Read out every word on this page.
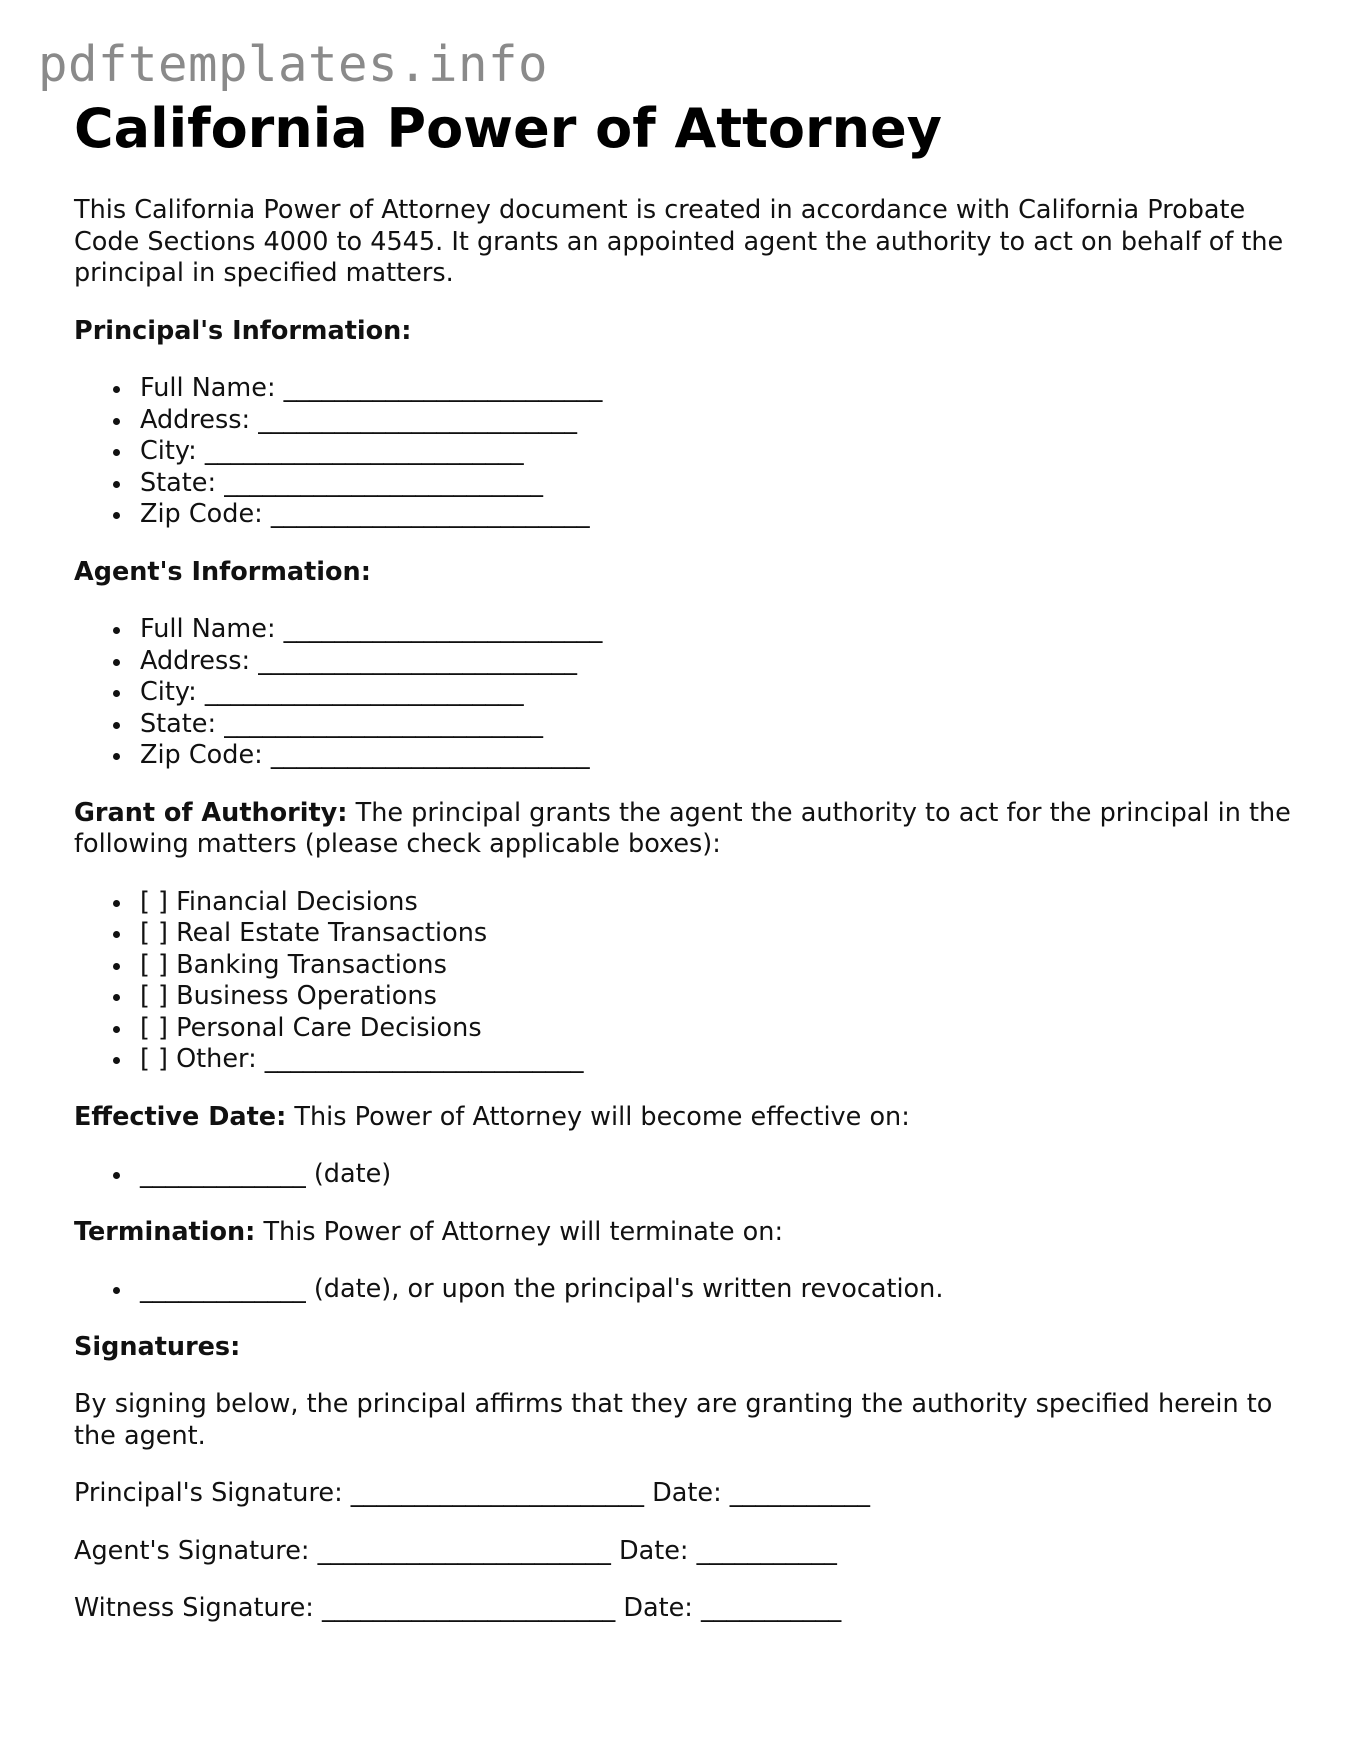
pdftemplates.info
California Power of Attorney

This California Power of Attorney document is created in accordance with California Probate Code Sections 4000 to 4545. It grants an appointed agent the authority to act on behalf of the principal in specified matters.

Principal's Information:

Full Name: _________________________
Address: _________________________
City: _________________________
State: _________________________
Zip Code: _________________________

Agent's Information:

Full Name: _________________________
Address: _________________________
City: _________________________
State: _________________________
Zip Code: _________________________

Grant of Authority: The principal grants the agent the authority to act for the principal in the following matters (please check applicable boxes):

[ ] Financial Decisions
[ ] Real Estate Transactions
[ ] Banking Transactions
[ ] Business Operations
[ ] Personal Care Decisions
[ ] Other: _________________________

Effective Date: This Power of Attorney will become effective on:

_____________ (date)

Termination: This Power of Attorney will terminate on:

_____________ (date), or upon the principal's written revocation.

Signatures:

By signing below, the principal affirms that they are granting the authority specified herein to the agent.

Principal's Signature: _______________________ Date: ___________

Agent's Signature: _______________________ Date: ___________

Witness Signature: _______________________ Date: ___________
